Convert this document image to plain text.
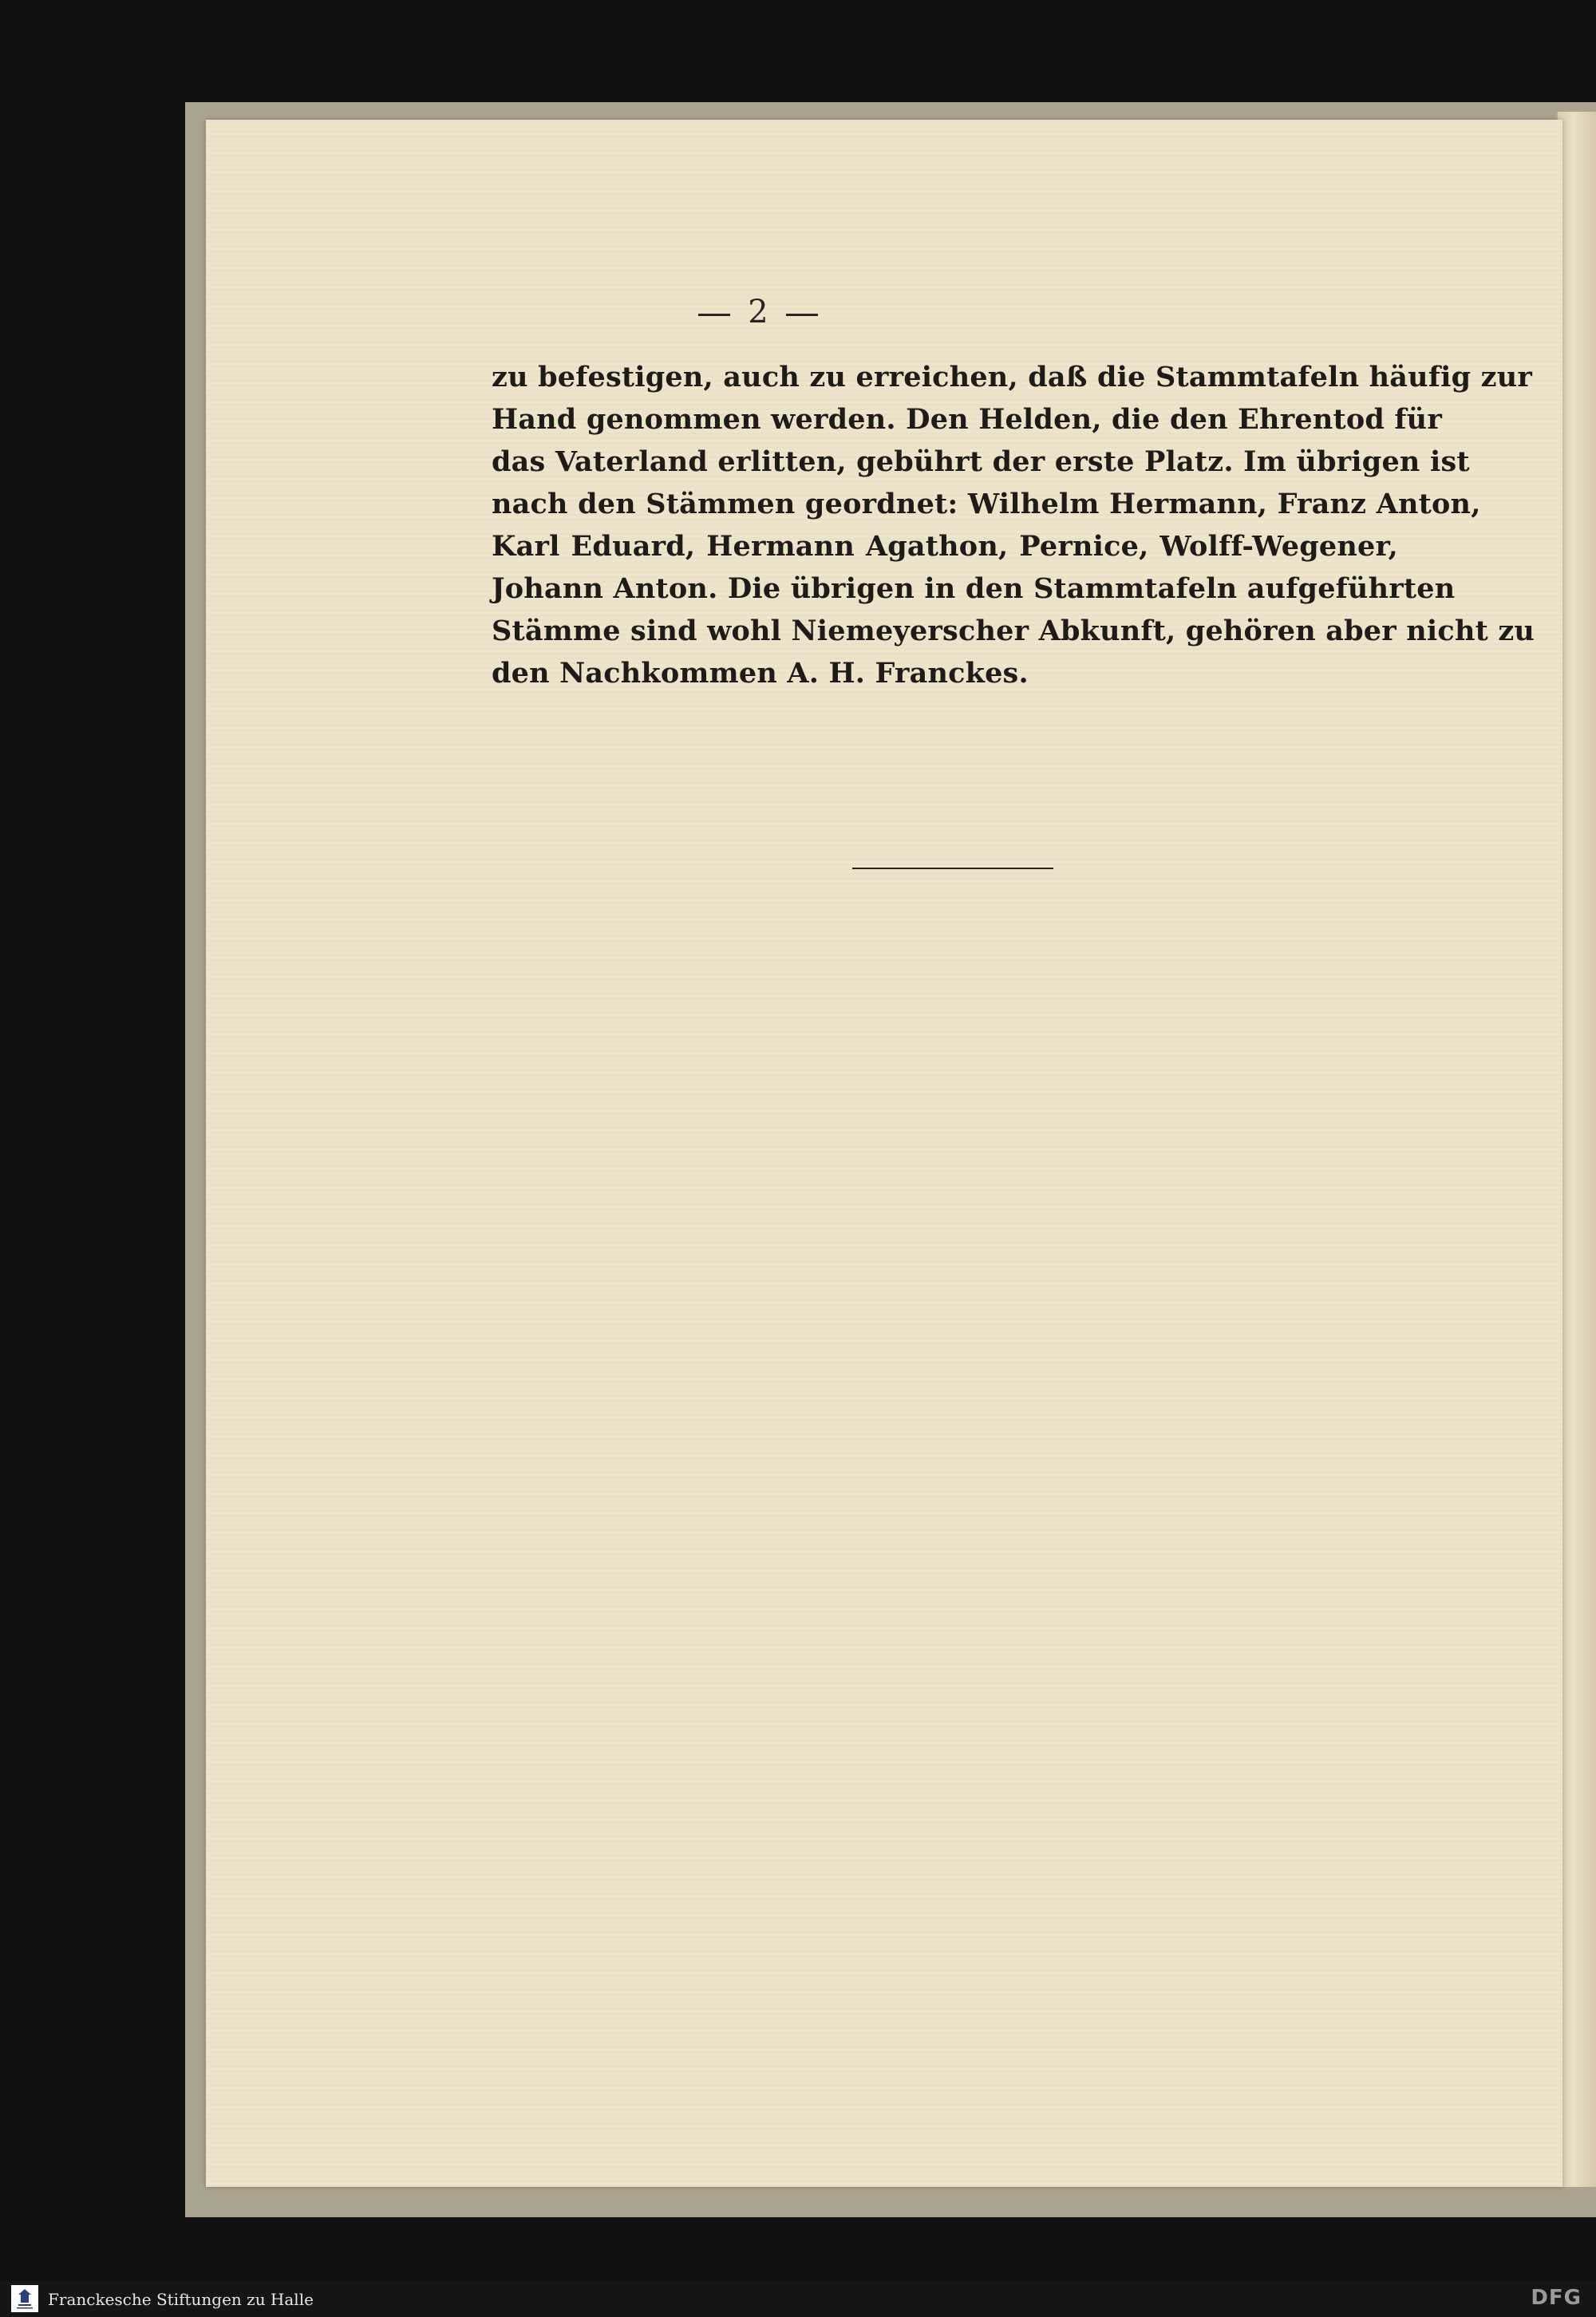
2
zu befestigen, auch zu erreichen, daß die Stammtafeln häufig zur
Hand genommen werden. Den Helden, die den Ehrentod für
das Vaterland erlitten, gebührt der erste Platz. Im übrigen ist
nach den Stämmen geordnet: Wilhelm Hermann, Franz Anton,
Karl Eduard, Hermann Agathon, Pernice, Wolff-Wegener,
Johann Anton. Die übrigen in den Stammtafeln aufgeführten
Stämme sind wohl Niemeyerscher Abkunft, gehören aber nicht zu
den Nachkommen A. H. Franckes.
Franckesche Stiftungen zu Halle	DFG
